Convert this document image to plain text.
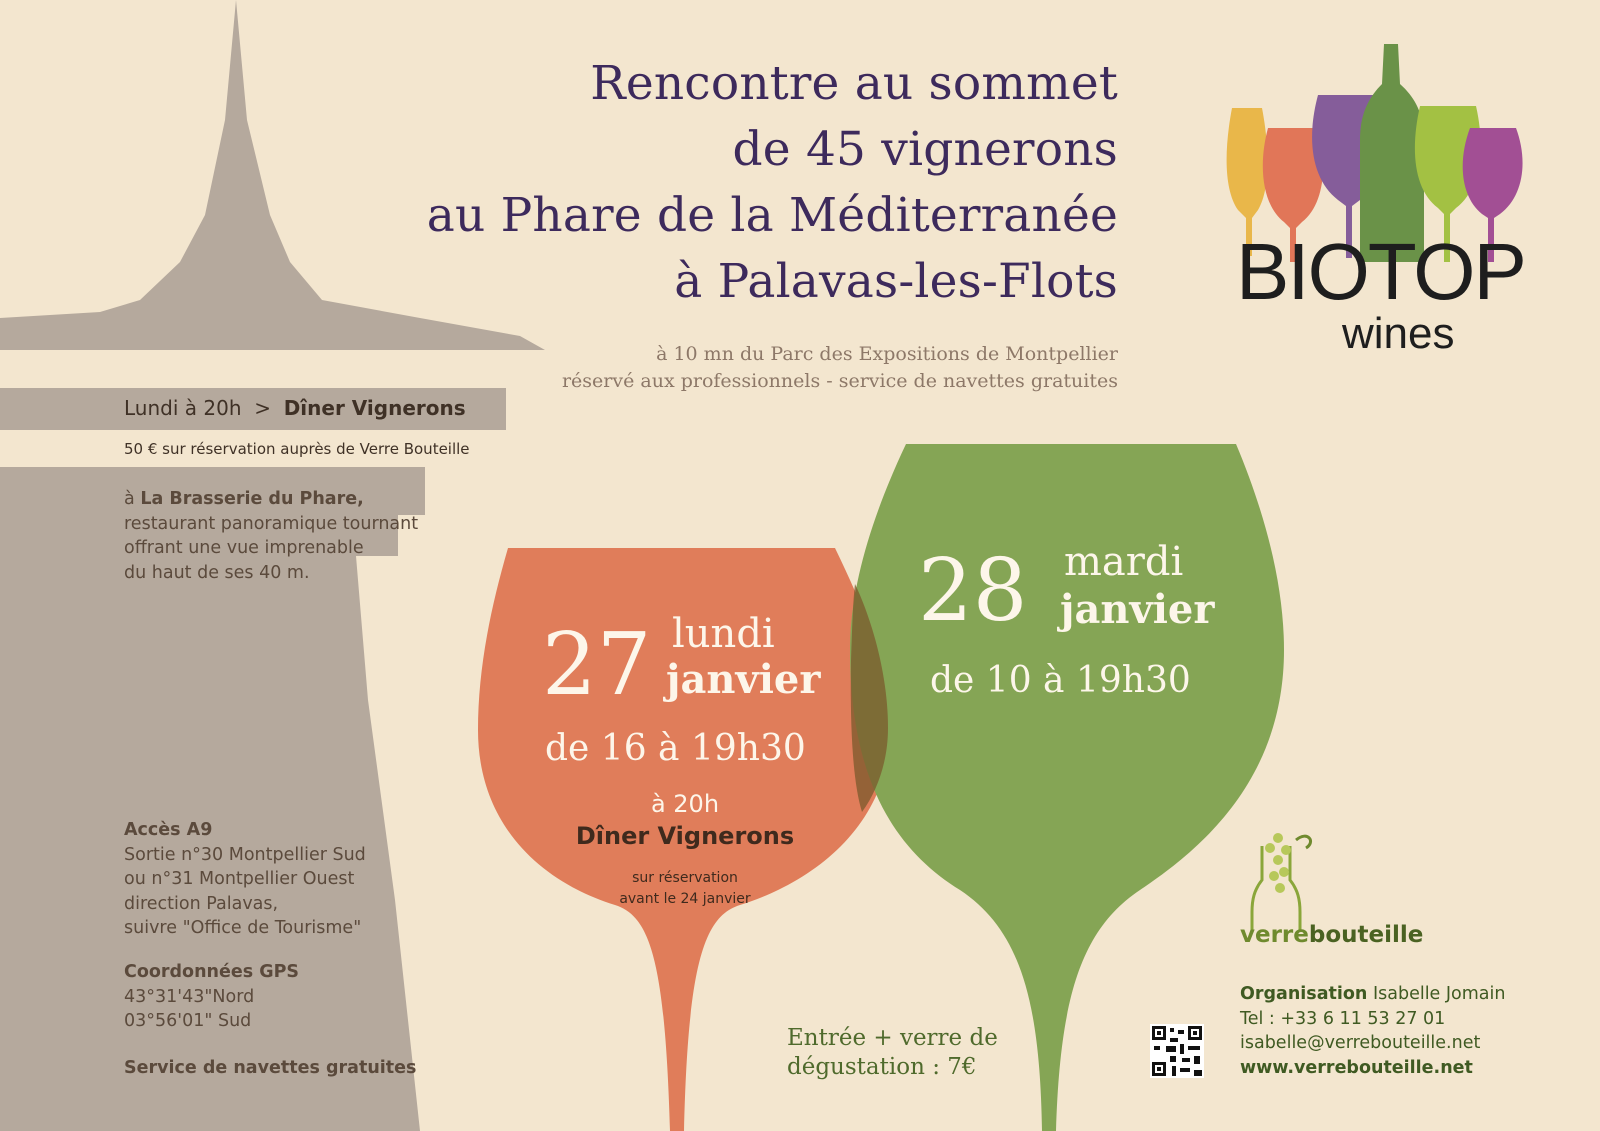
Rencontre au sommet
de 45 vignerons
au Phare de la Méditerranée
à Palavas-les-Flots
à 10 mn du Parc des Expositions de Montpellier
réservé aux professionnels - service de navettes gratuites
Lundi à 20h > Dîner Vignerons
50 € sur réservation auprès de Verre Bouteille
à La Brasserie du Phare,
restaurant panoramique tournant
offrant une vue imprenable
du haut de ses 40 m.
Accès A9
Sortie n°30 Montpellier Sud
ou n°31 Montpellier Ouest
direction Palavas,
suivre "Office de Tourisme"
Coordonnées GPS
43°31'43"Nord
03°56'01" Sud
Service de navettes gratuites
27 lundi
janvier
de 16 à 19h30
à 20h
Dîner Vignerons
sur réservation
avant le 24 janvier
28 mardi
janvier
de 10 à 19h30
Entrée + verre de
dégustation : 7€
BIOTOP
wines
verrebouteille
Organisation Isabelle Jomain
Tel : +33 6 11 53 27 01
isabelle@verrebouteille.net
www.verrebouteille.net
